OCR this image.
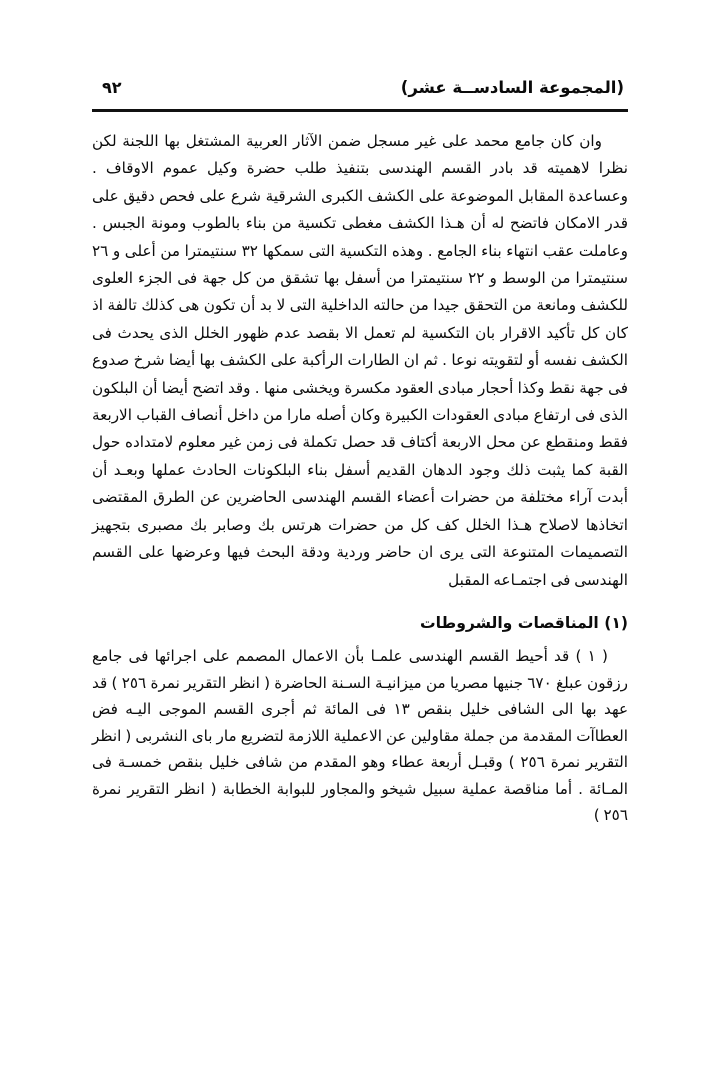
(المجموعة السادســة عشر)
٩٢

وان كان جامع محمد على غير مسجل ضمن الآثار العربية المشتغل بها اللجنة لكن نظرا لاهميته قد بادر القسم الهندسى بتنفيذ طلب حضرة وكيل عموم الاوقاف . وعساعدة المقابل الموضوعة على الكشف الكبرى الشرقية شرع على فحص دقيق على قدر الامكان فاتضح له أن هـذا الكشف مغطى تكسية من بناء بالطوب ومونة الجبس . وعاملت عقب انتهاء بناء الجامع . وهذه التكسية التى سمكها ٣٢ سنتيمترا من أعلى و ٢٦ سنتيمترا من الوسط و ٢٢ سنتيمترا من أسفل بها تشقق من كل جهة فى الجزء العلوى للكشف ومانعة من التحقق جيدا من حالته الداخلية التى لا بد أن تكون هى كذلك تالفة اذ كان كل تأكيد الاقرار بان التكسية لم تعمل الا بقصد عدم ظهور الخلل الذى يحدث فى الكشف نفسه أو لتقويته نوعا . ثم ان الطارات الرأكبة على الكشف بها أيضا شرخ صدوع فى جهة نقط وكذا أحجار مبادى العقود مكسرة ويخشى منها . وقد اتضح أيضا أن البلكون الذى فى ارتفاع مبادى العقودات الكبيرة وكان أصله مارا من داخل أنصاف القباب الاربعة فقط ومنقطع عن محل الاربعة أكتاف قد حصل تكملة فى زمن غير معلوم لامتداده حول القبة كما يثبت ذلك وجود الدهان القديم أسفل بناء البلكونات الحادث عملها وبعـد أن أبدت آراء مختلفة من حضرات أعضاء القسم الهندسى الحاضرين عن الطرق المقتضى اتخاذها لاصلاح هـذا الخلل كف كل من حضرات هرتس بك وصابر بك مصبرى بتجهيز التصميمات المتنوعة التى يرى ان حاضر وردية ودقة البحث فيها وعرضها على القسم الهندسى فى اجتمـاعه المقبل

(١) المناقصات والشروطات

( ١ ) قد أحيط القسم الهندسى علمـا بأن الاعمال المصمم على اجرائها فى جامع رزقون عبلغ ٦٧٠ جنيها مصريا من ميزانيـة السـنة الحاضرة ( انظر التقرير نمرة ٢٥٦ ) قد عهد بها الى الشافى خليل بنقص ١٣ فى المائة ثم أجرى القسم الموجى اليـه فض العطاآت المقدمة من جملة مقاولين عن الاعملية اللازمة لتضريع مار باى النشربى ( انظر التقرير نمرة ٢٥٦ ) وقبـل أربعة عطاء وهو المقدم من شافى خليل بنقص خمسـة فى المـائة . أما مناقصة عملية سبيل شيخو والمجاور للبوابة الخطابة ( انظر التقرير نمرة ٢٥٦ )
